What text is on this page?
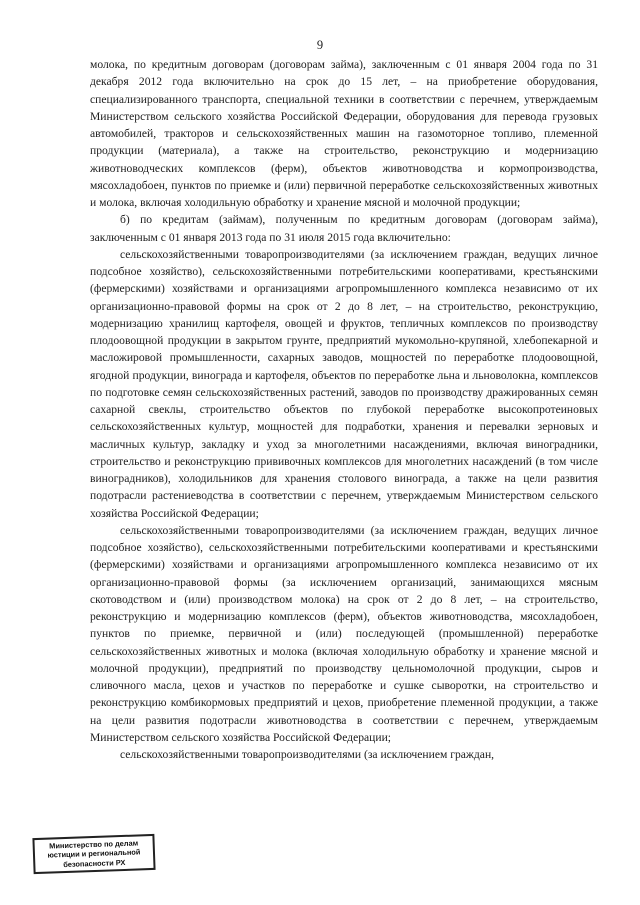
9

молока, по кредитным договорам (договорам займа), заключенным с 01 января 2004 года по 31 декабря 2012 года включительно на срок до 15 лет, – на приобретение оборудования, специализированного транспорта, специальной техники в соответствии с перечнем, утверждаемым Министерством сельского хозяйства Российской Федерации, оборудования для перевода грузовых автомобилей, тракторов и сельскохозяйственных машин на газомоторное топливо, племенной продукции (материала), а также на строительство, реконструкцию и модернизацию животноводческих комплексов (ферм), объектов животноводства и кормопроизводства, мясохладобоен, пунктов по приемке и (или) первичной переработке сельскохозяйственных животных и молока, включая холодильную обработку и хранение мясной и молочной продукции;

б) по кредитам (займам), полученным по кредитным договорам (договорам займа), заключенным с 01 января 2013 года по 31 июля 2015 года включительно:

сельскохозяйственными товаропроизводителями (за исключением граждан, ведущих личное подсобное хозяйство), сельскохозяйственными потребительскими кооперативами, крестьянскими (фермерскими) хозяйствами и организациями агропромышленного комплекса независимо от их организационно-правовой формы на срок от 2 до 8 лет, – на строительство, реконструкцию, модернизацию хранилищ картофеля, овощей и фруктов, тепличных комплексов по производству плодоовощной продукции в закрытом грунте, предприятий мукомольно-крупяной, хлебопекарной и масложировой промышленности, сахарных заводов, мощностей по переработке плодоовощной, ягодной продукции, винограда и картофеля, объектов по переработке льна и льноволокна, комплексов по подготовке семян сельскохозяйственных растений, заводов по производству дражированных семян сахарной свеклы, строительство объектов по глубокой переработке высокопротеиновых сельскохозяйственных культур, мощностей для подработки, хранения и перевалки зерновых и масличных культур, закладку и уход за многолетними насаждениями, включая виноградники, строительство и реконструкцию прививочных комплексов для многолетних насаждений (в том числе виноградников), холодильников для хранения столового винограда, а также на цели развития подотрасли растениеводства в соответствии с перечнем, утверждаемым Министерством сельского хозяйства Российской Федерации;

сельскохозяйственными товаропроизводителями (за исключением граждан, ведущих личное подсобное хозяйство), сельскохозяйственными потребительскими кооперативами и крестьянскими (фермерскими) хозяйствами и организациями агропромышленного комплекса независимо от их организационно-правовой формы (за исключением организаций, занимающихся мясным скотоводством и (или) производством молока) на срок от 2 до 8 лет, – на строительство, реконструкцию и модернизацию комплексов (ферм), объектов животноводства, мясохладобоен, пунктов по приемке, первичной и (или) последующей (промышленной) переработке сельскохозяйственных животных и молока (включая холодильную обработку и хранение мясной и молочной продукции), предприятий по производству цельномолочной продукции, сыров и сливочного масла, цехов и участков по переработке и сушке сыворотки, на строительство и реконструкцию комбикормовых предприятий и цехов, приобретение племенной продукции, а также на цели развития подотрасли животноводства в соответствии с перечнем, утверждаемым Министерством сельского хозяйства Российской Федерации;

сельскохозяйственными товаропроизводителями (за исключением граждан,

Министерство по делам
юстиции и региональной
безопасности РХ
